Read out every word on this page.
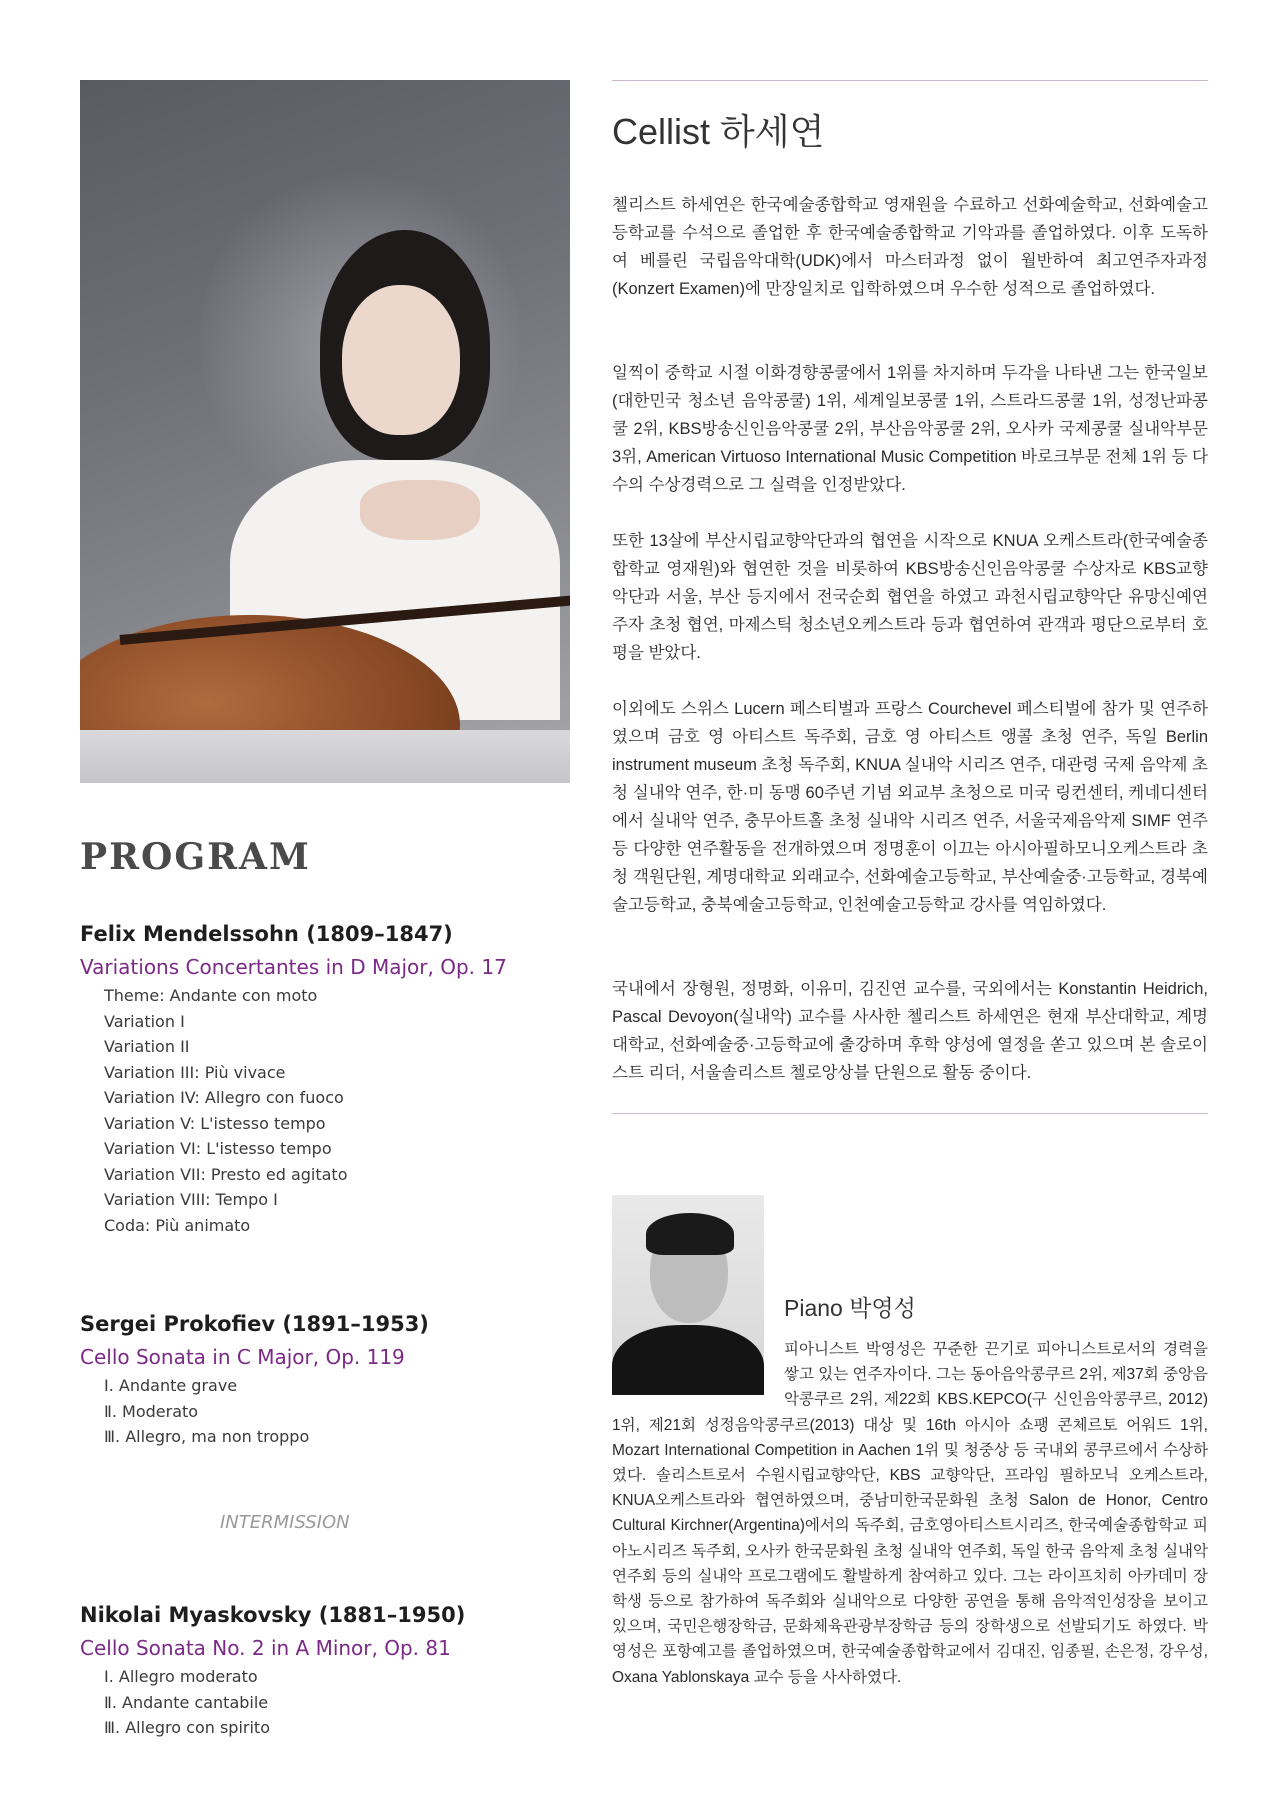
Cellist 하세연

첼리스트 하세연은 한국예술종합학교 영재원을 수료하고 선화예술학교, 선화예술고등학교를 수석으로 졸업한 후 한국예술종합학교 기악과를 졸업하였다. 이후 도독하여 베를린 국립음악대학(UDK)에서 마스터과정 없이 월반하여 최고연주자과정(Konzert Examen)에 만장일치로 입학하였으며 우수한 성적으로 졸업하였다.

일찍이 중학교 시절 이화경향콩쿨에서 1위를 차지하며 두각을 나타낸 그는 한국일보(대한민국 청소년 음악콩쿨) 1위, 세계일보콩쿨 1위, 스트라드콩쿨 1위, 성정난파콩쿨 2위, KBS방송신인음악콩쿨 2위, 부산음악콩쿨 2위, 오사카 국제콩쿨 실내악부문 3위, American Virtuoso International Music Competition 바로크부문 전체 1위 등 다수의 수상경력으로 그 실력을 인정받았다.

또한 13살에 부산시립교향악단과의 협연을 시작으로 KNUA 오케스트라(한국예술종합학교 영재원)와 협연한 것을 비롯하여 KBS방송신인음악콩쿨 수상자로 KBS교향악단과 서울, 부산 등지에서 전국순회 협연을 하였고 과천시립교향악단 유망신예연주자 초청 협연, 마제스틱 청소년오케스트라 등과 협연하여 관객과 평단으로부터 호평을 받았다.

이외에도 스위스 Lucern 페스티벌과 프랑스 Courchevel 페스티벌에 참가 및 연주하였으며 금호 영 아티스트 독주회, 금호 영 아티스트 앵콜 초청 연주, 독일 Berlin instrument museum 초청 독주회, KNUA 실내악 시리즈 연주, 대관령 국제 음악제 초청 실내악 연주, 한·미 동맹 60주년 기념 외교부 초청으로 미국 링컨센터, 케네디센터에서 실내악 연주, 충무아트홀 초청 실내악 시리즈 연주, 서울국제음악제 SIMF 연주 등 다양한 연주활동을 전개하였으며 정명훈이 이끄는 아시아필하모니오케스트라 초청 객원단원, 계명대학교 외래교수, 선화예술고등학교, 부산예술중·고등학교, 경북예술고등학교, 충북예술고등학교, 인천예술고등학교 강사를 역임하였다.

국내에서 장형원, 정명화, 이유미, 김진연 교수를, 국외에서는 Konstantin Heidrich, Pascal Devoyon(실내악) 교수를 사사한 첼리스트 하세연은 현재 부산대학교, 계명대학교, 선화예술중·고등학교에 출강하며 후학 양성에 열정을 쏟고 있으며 본 솔로이스트 리더, 서울솔리스트 첼로앙상블 단원으로 활동 중이다.

PROGRAM
Felix Mendelssohn (1809–1847)

Variations Concertantes in D Major, Op. 17

Theme: Andante con moto
Variation I
Variation II
Variation III: Più vivace
Variation IV: Allegro con fuoco
Variation V: L'istesso tempo
Variation VI: L'istesso tempo
Variation VII: Presto ed agitato
Variation VIII: Tempo I
Coda: Più animato
Sergei Prokofiev (1891–1953)

Cello Sonata in C Major, Op. 119

Ⅰ. Andante grave
Ⅱ. Moderato
Ⅲ. Allegro, ma non troppo

INTERMISSION

Nikolai Myaskovsky (1881–1950)

Cello Sonata No. 2 in A Minor, Op. 81

Ⅰ. Allegro moderato
Ⅱ. Andante cantabile
Ⅲ. Allegro con spirito
Piano 박영성

피아니스트 박영성은 꾸준한 끈기로 피아니스트로서의 경력을 쌓고 있는 연주자이다. 그는 동아음악콩쿠르 2위, 제37회 중앙음악콩쿠르 2위, 제22회 KBS.KEPCO(구 신인음악콩쿠르, 2012) 1위, 제21회 성정음악콩쿠르(2013) 대상 및 16th 아시아 쇼팽 콘체르토 어워드 1위, Mozart International Competition in Aachen 1위 및 청중상 등 국내외 콩쿠르에서 수상하였다. 솔리스트로서 수원시립교향악단, KBS 교향악단, 프라임 필하모닉 오케스트라, KNUA오케스트라와 협연하였으며, 중남미한국문화원 초청 Salon de Honor, Centro Cultural Kirchner(Argentina)에서의 독주회, 금호영아티스트시리즈, 한국예술종합학교 피아노시리즈 독주회, 오사카 한국문화원 초청 실내악 연주회, 독일 한국 음악제 초청 실내악 연주회 등의 실내악 프로그램에도 활발하게 참여하고 있다. 그는 라이프치히 아카데미 장학생 등으로 참가하여 독주회와 실내악으로 다양한 공연을 통해 음악적인성장을 보이고 있으며, 국민은행장학금, 문화체육관광부장학금 등의 장학생으로 선발되기도 하였다. 박영성은 포항예고를 졸업하였으며, 한국예술종합학교에서 김대진, 임종필, 손은정, 강우성, Oxana Yablonskaya 교수 등을 사사하였다.
